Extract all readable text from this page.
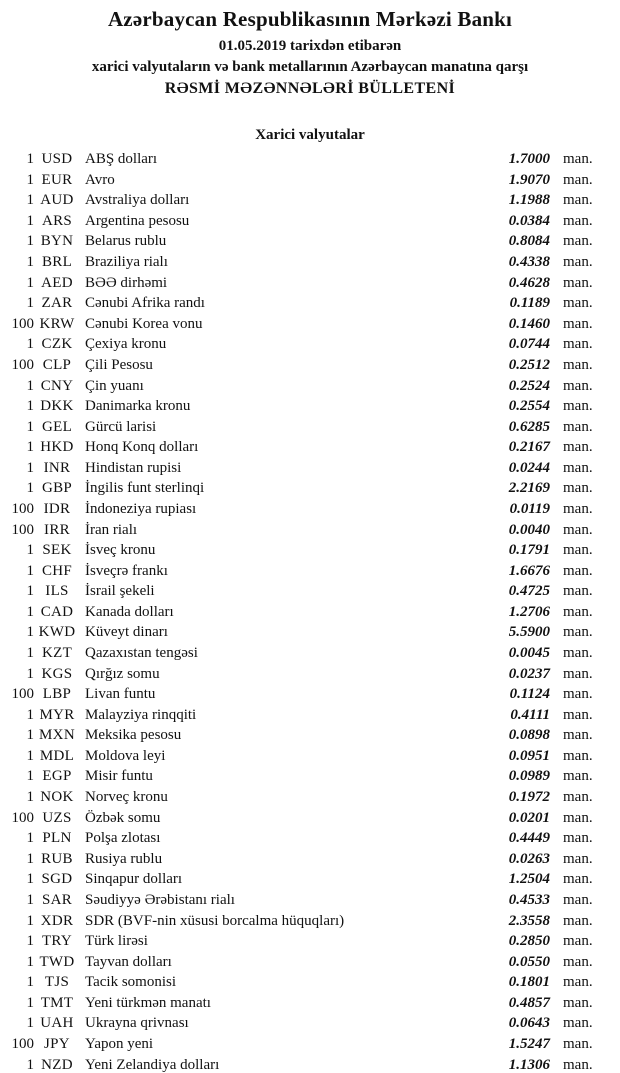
Azərbaycan Respublikasının Mərkəzi Bankı
01.05.2019 tarixdən etibarən
xarici valyutaların və bank metallarının Azərbaycan manatına qarşı
RƏSMİ MƏZƏNNƏLƏRİ BÜLLETENİ
Xarici valyutalar
1 USD ABŞ dolları	1.7000 man.
1 EUR Avro	1.9070 man.
1 AUD Avstraliya dolları	1.1988 man.
1 ARS Argentina pesosu	0.0384 man.
1 BYN Belarus rublu	0.8084 man.
1 BRL Braziliya rialı	0.4338 man.
1 AED BƏƏ dirhəmi	0.4628 man.
1 ZAR Cənubi Afrika randı	0.1189 man.
100 KRW Cənubi Korea vonu	0.1460 man.
1 CZK Çexiya kronu	0.0744 man.
100 CLP Çili Pesosu	0.2512 man.
1 CNY Çin yuanı	0.2524 man.
1 DKK Danimarka kronu	0.2554 man.
1 GEL Gürcü larisi	0.6285 man.
1 HKD Honq Konq dolları	0.2167 man.
1 INR Hindistan rupisi	0.0244 man.
1 GBP İngilis funt sterlinqi	2.2169 man.
100 IDR İndoneziya rupiası	0.0119 man.
100 IRR	İran rialı	0.0040 man.
1 SEK İsveç kronu	0.1791 man.
1 CHF İsveçrə frankı	1.6676 man.
1 ILS	İsrail şekeli	0.4725 man.
1 CAD Kanada dolları	1.2706 man.
1 KWD Küveyt dinarı	5.5900 man.
1 KZT Qazaxıstan tengəsi	0.0045 man.
1 KGS Qırğız somu	0.0237 man.
100 LBP Livan funtu	0.1124 man.
1 MYR Malayziya rinqqiti	0.4111 man.
1 MXN Meksika pesosu	0.0898 man.
1 MDL Moldova leyi	0.0951 man.
1 EGP Misir funtu	0.0989 man.
1 NOK Norveç kronu	0.1972 man.
100 UZS Özbək somu	0.0201 man.
1 PLN Polşa zlotası	0.4449 man.
1 RUB Rusiya rublu	0.0263 man.
1 SGD Sinqapur dolları	1.2504 man.
1 SAR Səudiyyə Ərəbistanı rialı	0.4533 man.
1 XDR SDR (BVF-nin xüsusi borcalma hüquqları)	2.3558 man.
1 TRY Türk lirəsi	0.2850 man.
1 TWD Tayvan dolları	0.0550 man.
1 TJS	Tacik somonisi	0.1801 man.
1 TMT Yeni türkmən manatı	0.4857 man.
1 UAH Ukrayna qrivnası	0.0643 man.
100 JPY	Yapon yeni	1.5247 man.
1 NZD Yeni Zelandiya dolları	1.1306 man.
